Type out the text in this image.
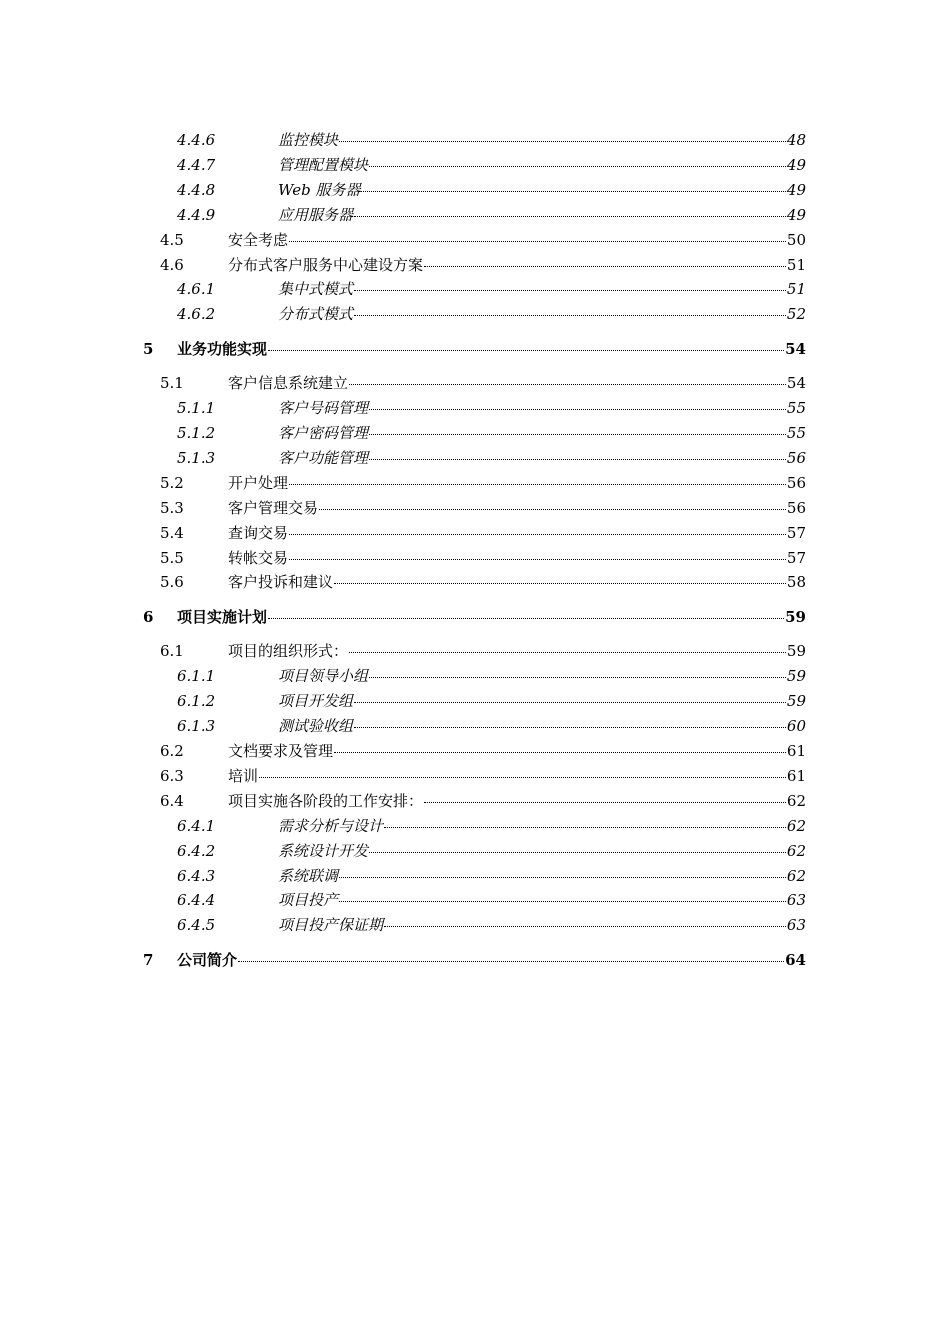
4.4.6	监控模块	48
4.4.7	管理配置模块	49
4.4.8	Web 服务器	49
4.4.9	应用服务器	49
4.5	安全考虑	50
4.6	分布式客户服务中心建设方案	51
4.6.1	集中式模式	51
4.6.2	分布式模式	52
5	业务功能实现	54
5.1	客户信息系统建立	54
5.1.1	客户号码管理	55
5.1.2	客户密码管理	55
5.1.3	客户功能管理	56
5.2	开户处理	56
5.3	客户管理交易	56
5.4	查询交易	57
5.5	转帐交易	57
5.6	客户投诉和建议	58
6	项目实施计划	59
6.1	项目的组织形式：	59
6.1.1	项目领导小组	59
6.1.2	项目开发组	59
6.1.3	测试验收组	60
6.2	文档要求及管理	61
6.3	培训	61
6.4	项目实施各阶段的工作安排：	62
6.4.1	需求分析与设计	62
6.4.2	系统设计开发	62
6.4.3	系统联调	62
6.4.4	项目投产	63
6.4.5	项目投产保证期	63
7	公司简介	64
